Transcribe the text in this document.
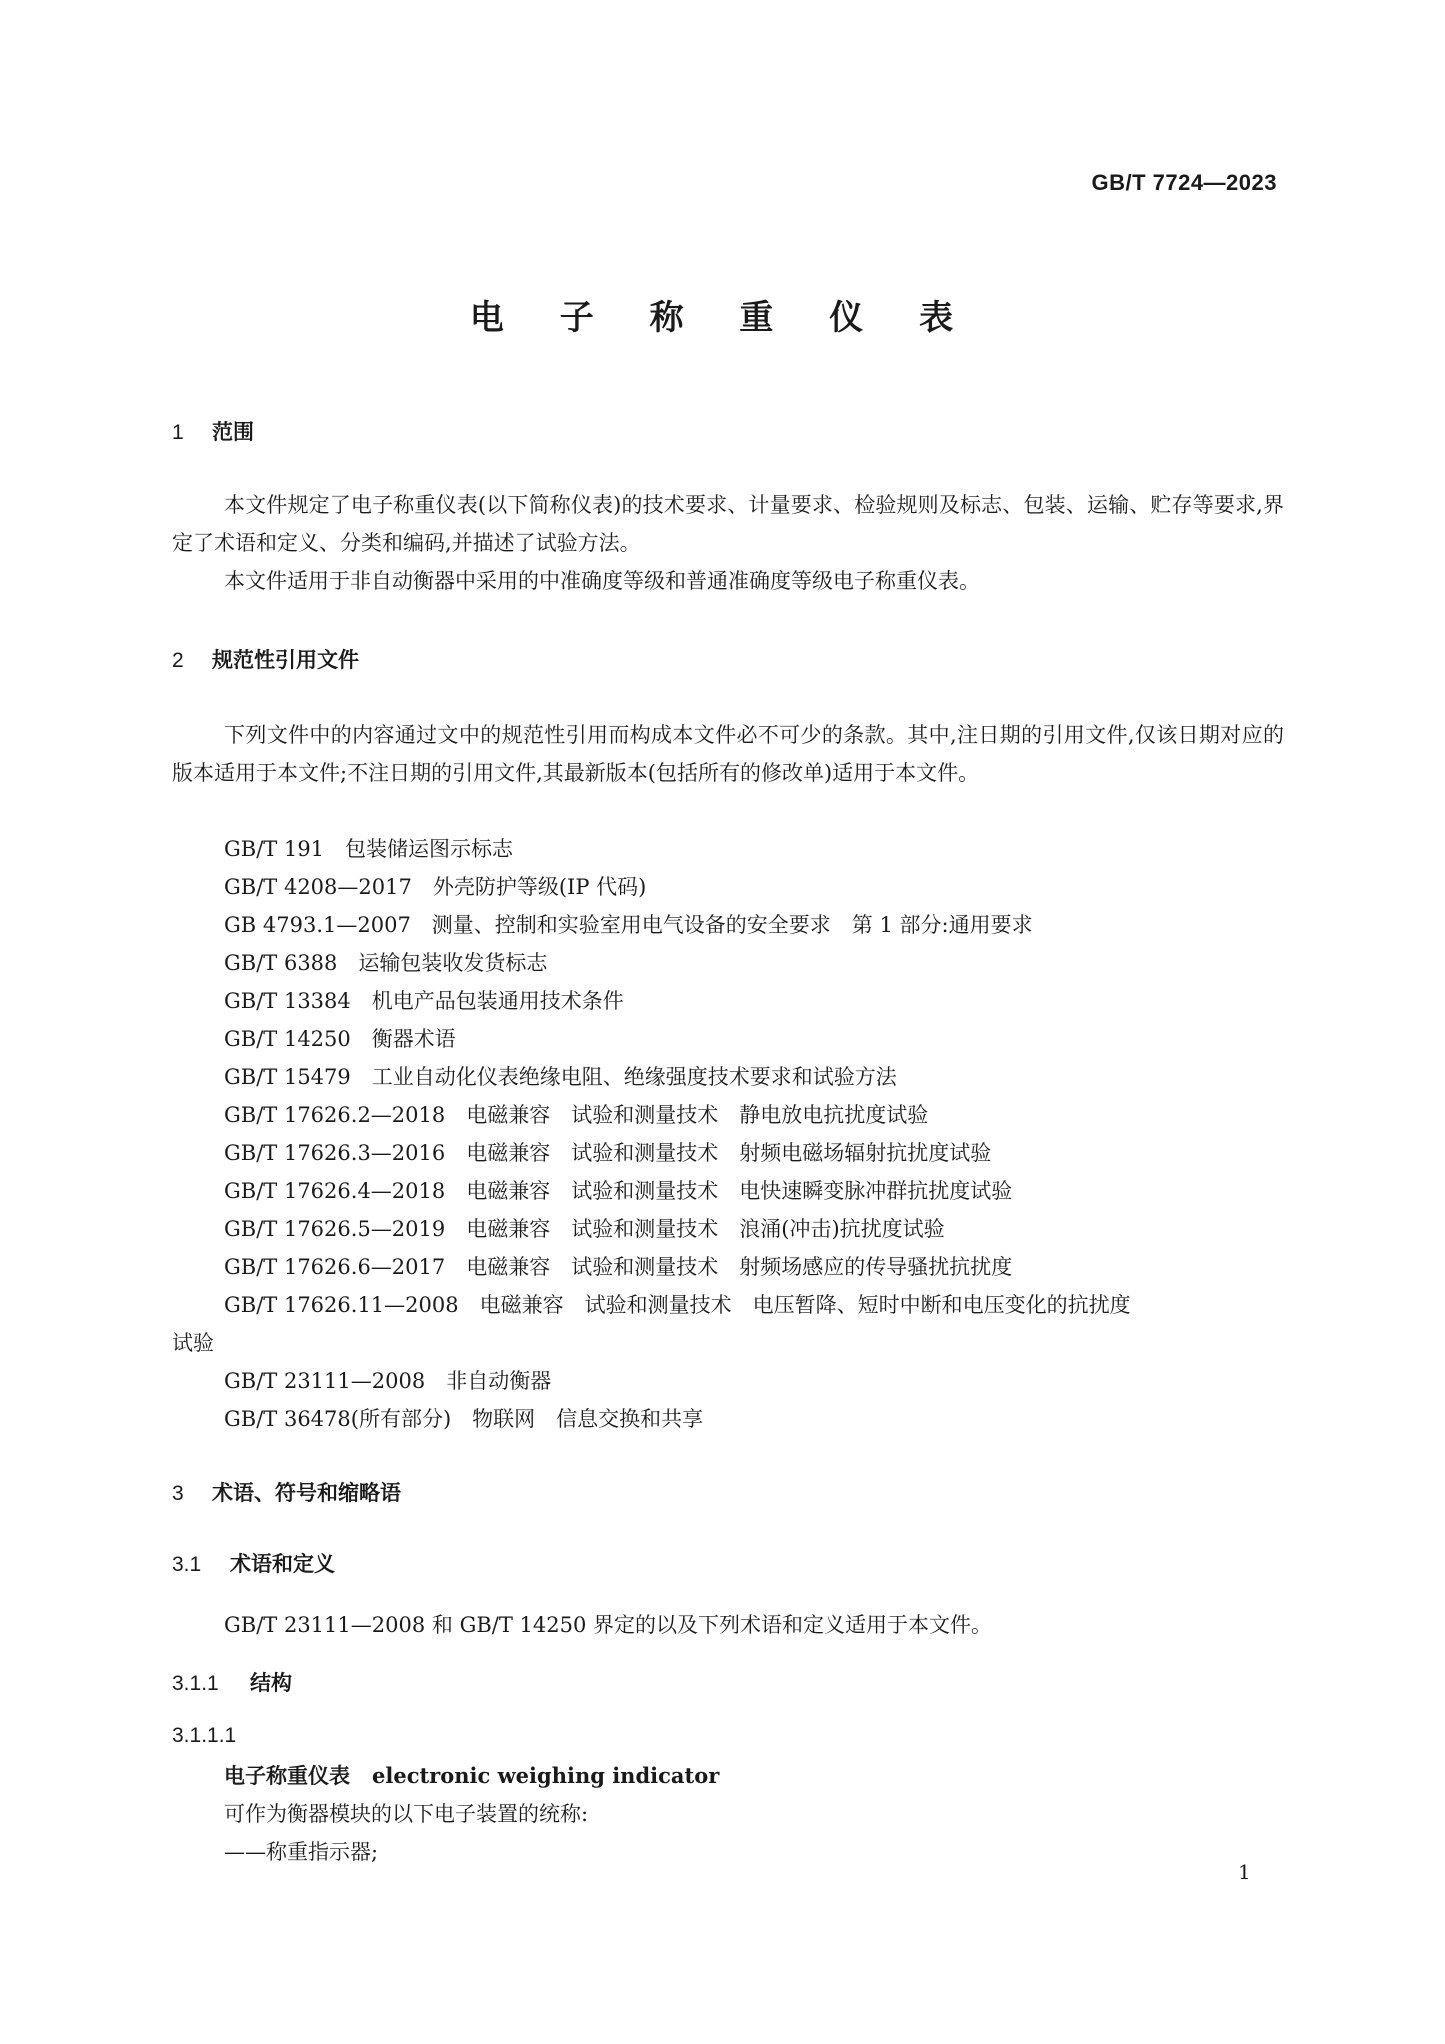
GB/T 7724—2023
电 子 称 重 仪 表
1 范围
本文件规定了电子称重仪表(以下简称仪表)的技术要求、计量要求、检验规则及标志、包装、运输、贮存等要求,界定了术语和定义、分类和编码,并描述了试验方法。
本文件适用于非自动衡器中采用的中准确度等级和普通准确度等级电子称重仪表。
2 规范性引用文件
下列文件中的内容通过文中的规范性引用而构成本文件必不可少的条款。其中,注日期的引用文件,仅该日期对应的版本适用于本文件;不注日期的引用文件,其最新版本(包括所有的修改单)适用于本文件。
GB/T 191　包装储运图示标志
GB/T 4208—2017　外壳防护等级(IP 代码)
GB 4793.1—2007　测量、控制和实验室用电气设备的安全要求　第 1 部分:通用要求
GB/T 6388　运输包装收发货标志
GB/T 13384　机电产品包装通用技术条件
GB/T 14250　衡器术语
GB/T 15479　工业自动化仪表绝缘电阻、绝缘强度技术要求和试验方法
GB/T 17626.2—2018　电磁兼容　试验和测量技术　静电放电抗扰度试验
GB/T 17626.3—2016　电磁兼容　试验和测量技术　射频电磁场辐射抗扰度试验
GB/T 17626.4—2018　电磁兼容　试验和测量技术　电快速瞬变脉冲群抗扰度试验
GB/T 17626.5—2019　电磁兼容　试验和测量技术　浪涌(冲击)抗扰度试验
GB/T 17626.6—2017　电磁兼容　试验和测量技术　射频场感应的传导骚扰抗扰度
GB/T 17626.11—2008　电磁兼容　试验和测量技术　电压暂降、短时中断和电压变化的抗扰度
试验
GB/T 23111—2008　非自动衡器
GB/T 36478(所有部分)　物联网　信息交换和共享
3 术语、符号和缩略语
3.1 术语和定义
GB/T 23111—2008 和 GB/T 14250 界定的以及下列术语和定义适用于本文件。
3.1.1 结构
3.1.1.1
电子称重仪表 electronic weighing indicator
可作为衡器模块的以下电子装置的统称:
——称重指示器;
1
